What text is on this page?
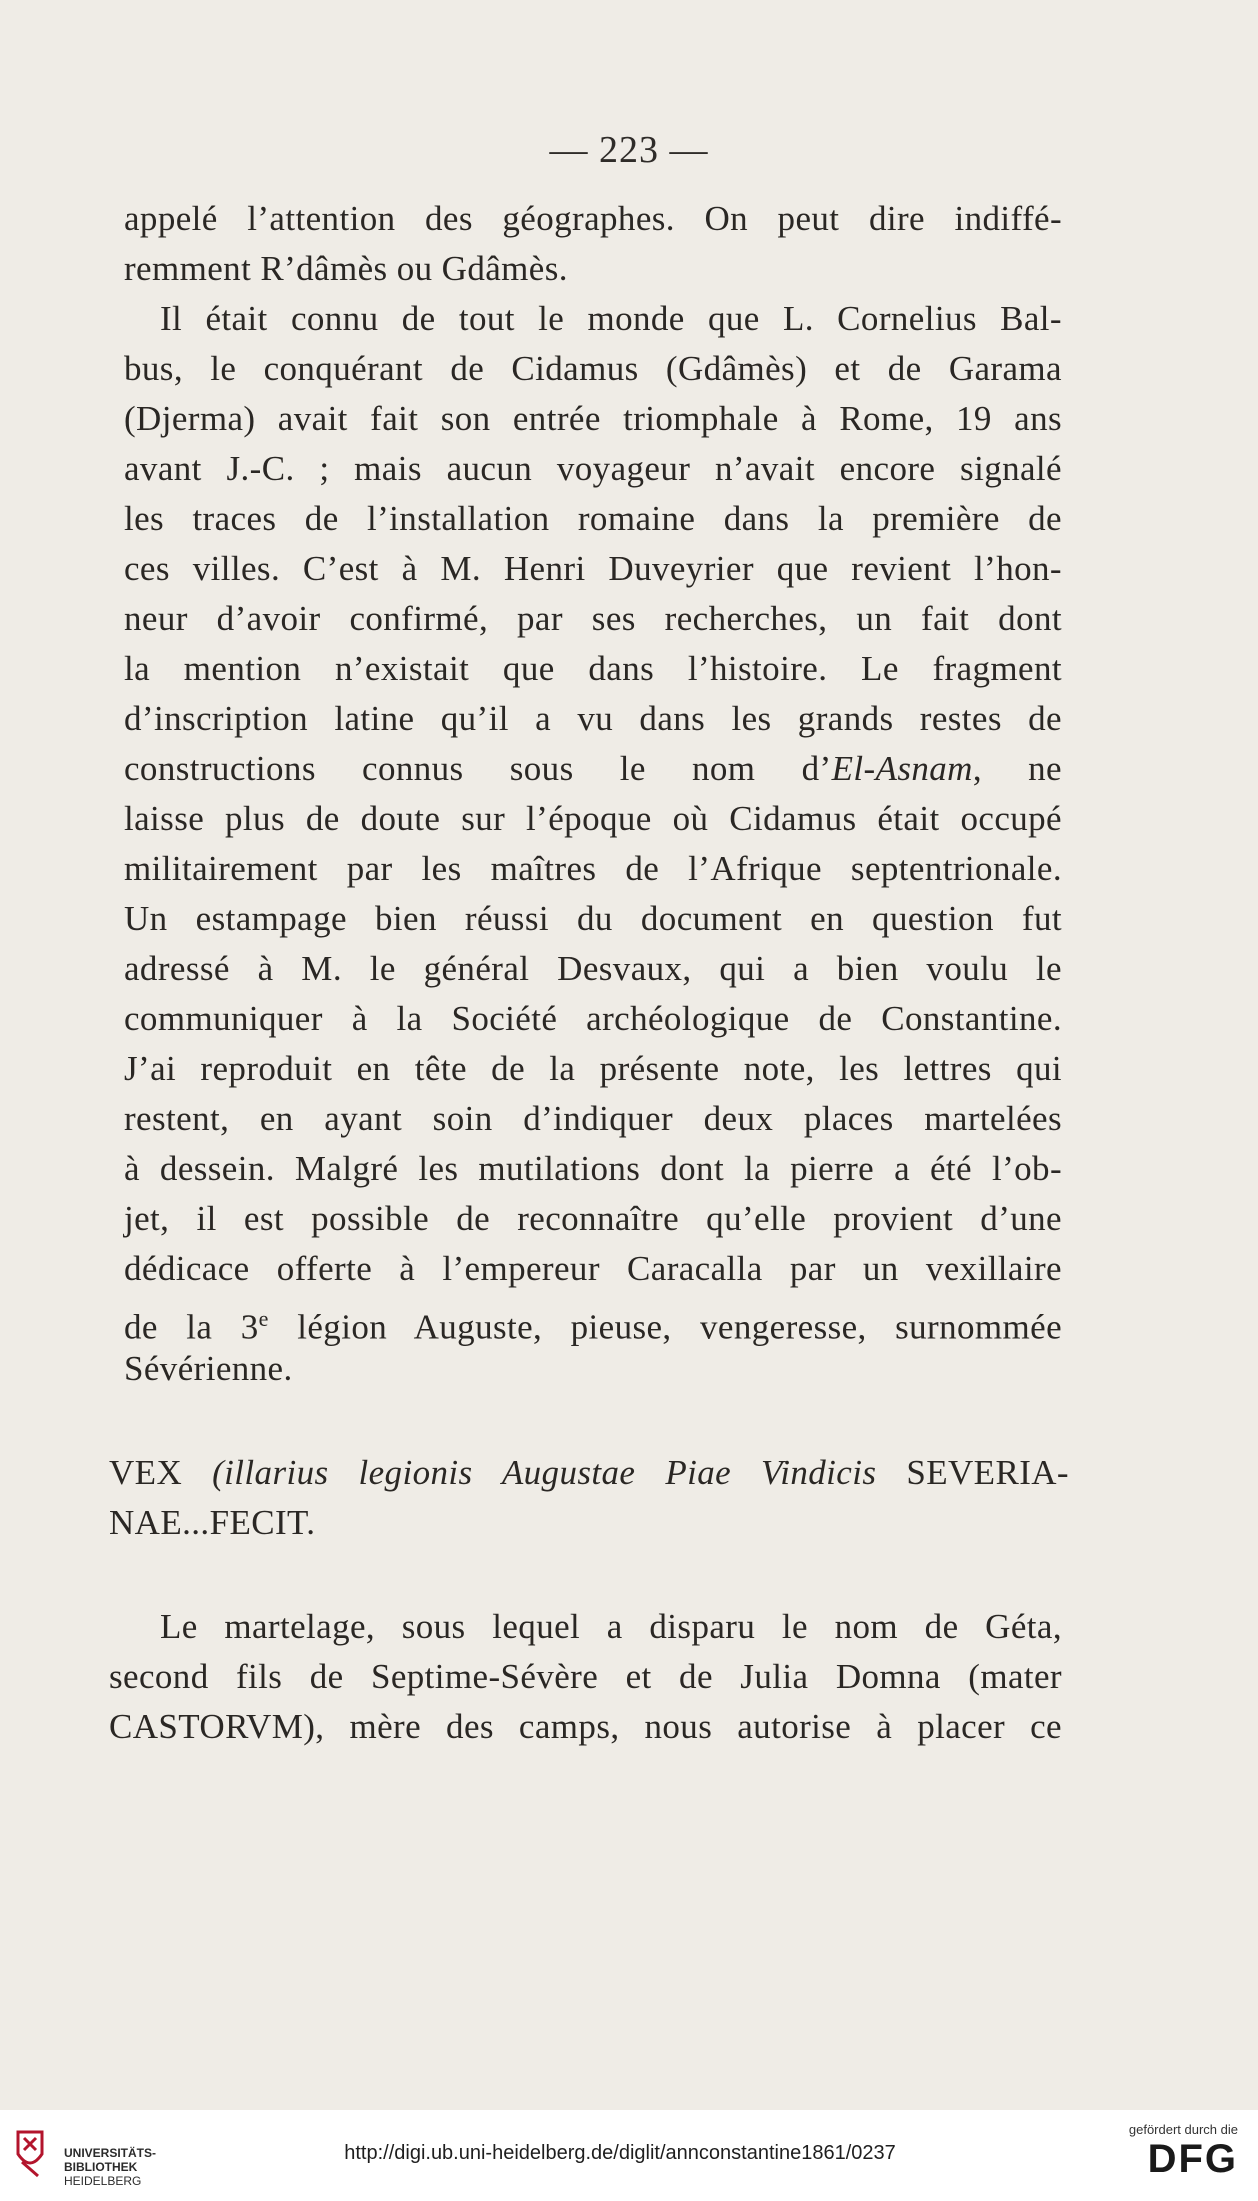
— 223 —
appelé l’attention des géographes. On peut dire indiffé-
remment R’dâmès ou Gdâmès.
Il était connu de tout le monde que L. Cornelius Bal-
bus, le conquérant de Cidamus (Gdâmès) et de Garama
(Djerma) avait fait son entrée triomphale à Rome, 19 ans
avant J.-C. ; mais aucun voyageur n’avait encore signalé
les traces de l’installation romaine dans la première de
ces villes. C’est à M. Henri Duveyrier que revient l’hon-
neur d’avoir confirmé, par ses recherches, un fait dont
la mention n’existait que dans l’histoire. Le fragment
d’inscription latine qu’il a vu dans les grands restes de
constructions connus sous le nom d’El-Asnam, ne
laisse plus de doute sur l’époque où Cidamus était occupé
militairement par les maîtres de l’Afrique septentrionale.
Un estampage bien réussi du document en question fut
adressé à M. le général Desvaux, qui a bien voulu le
communiquer à la Société archéologique de Constantine.
J’ai reproduit en tête de la présente note, les lettres qui
restent, en ayant soin d’indiquer deux places martelées
à dessein. Malgré les mutilations dont la pierre a été l’ob-
jet, il est possible de reconnaître qu’elle provient d’une
dédicace offerte à l’empereur Caracalla par un vexillaire
de la 3e légion Auguste, pieuse, vengeresse, surnommée
Sévérienne.
VEX (illarius legionis Augustae Piae Vindicis SEVERIA-
NAE...FECIT.
Le martelage, sous lequel a disparu le nom de Géta,
second fils de Septime-Sévère et de Julia Domna (mater
CASTORVM), mère des camps, nous autorise à placer ce
UNIVERSITÄTS-
BIBLIOTHEK
HEIDELBERG
http://digi.ub.uni-heidelberg.de/diglit/annconstantine1861/0237
gefördert durch die
DFG
